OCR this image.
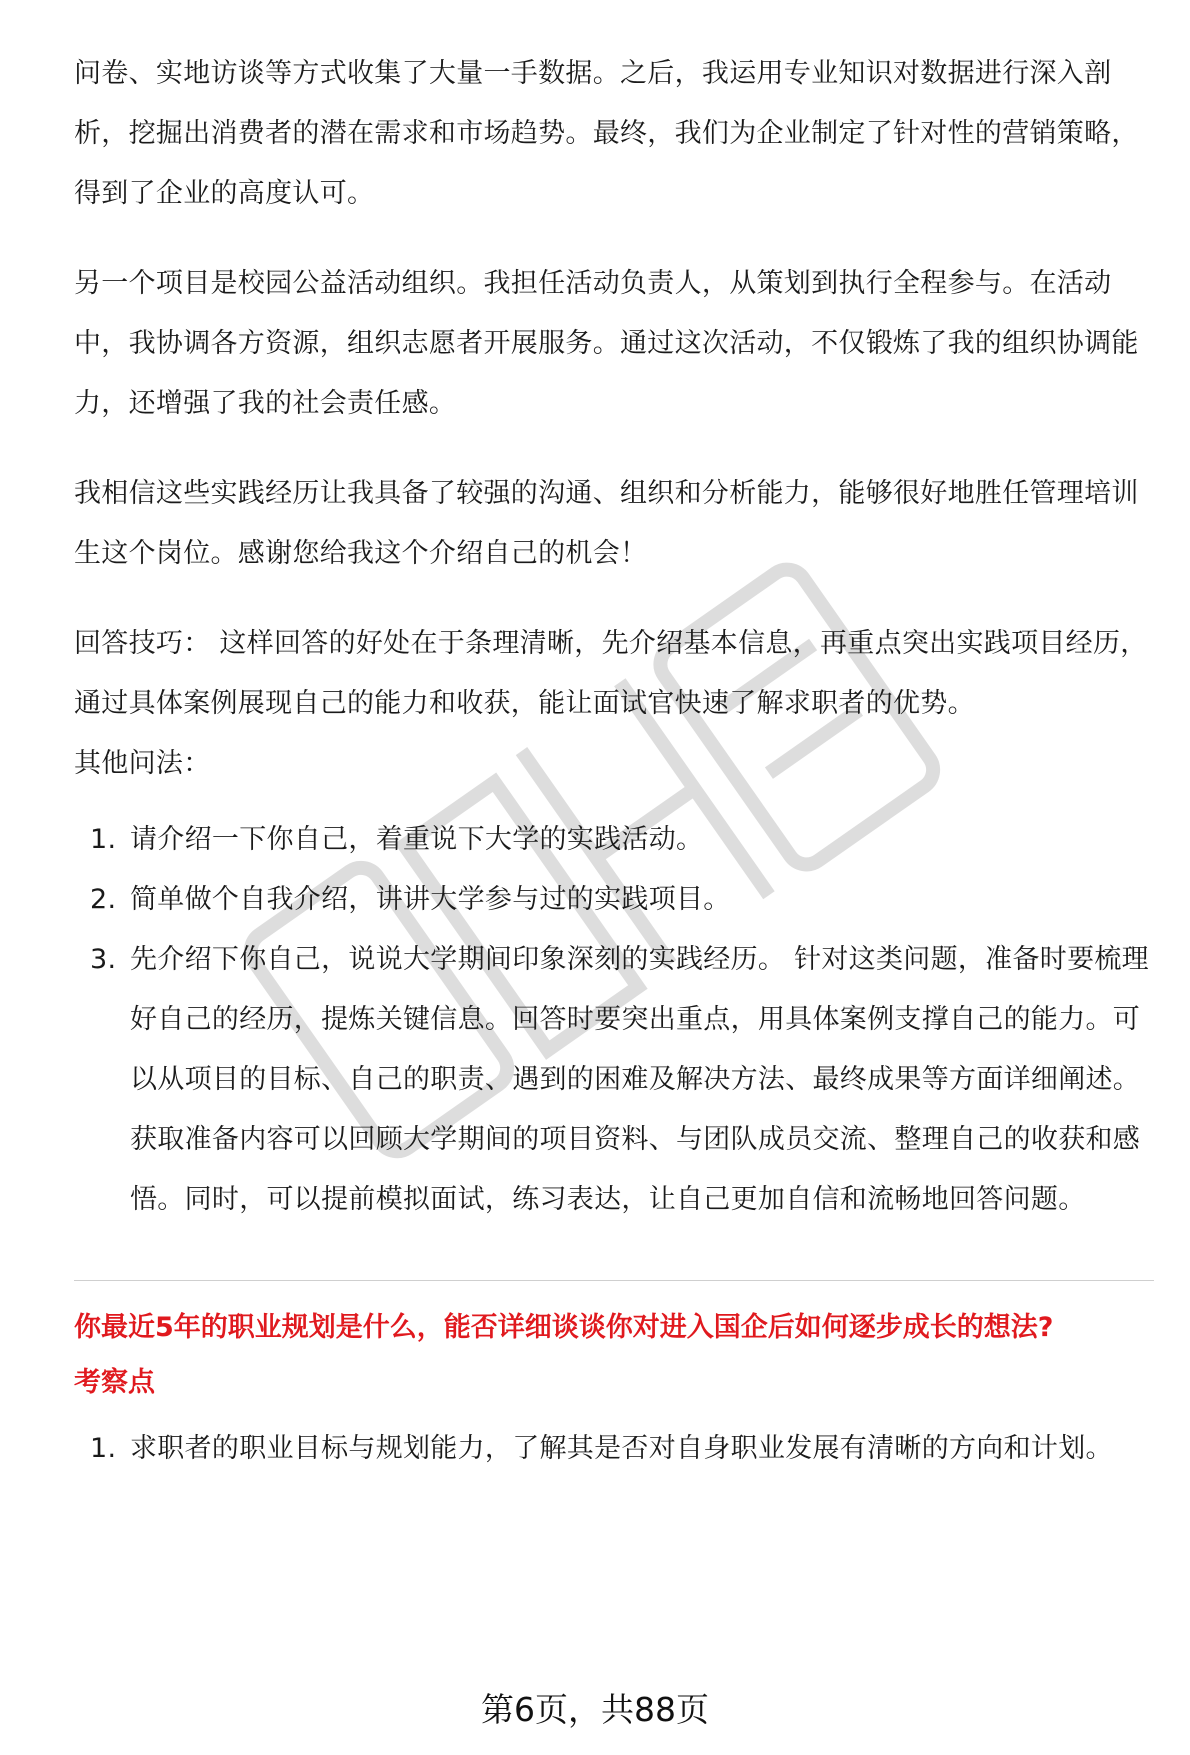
问卷、实地访谈等方式收集了大量一手数据。之后，我运用专业知识对数据进行深入剖析，挖掘出消费者的潜在需求和市场趋势。最终，我们为企业制定了针对性的营销策略，得到了企业的高度认可。

另一个项目是校园公益活动组织。我担任活动负责人，从策划到执行全程参与。在活动中，我协调各方资源，组织志愿者开展服务。通过这次活动，不仅锻炼了我的组织协调能力，还增强了我的社会责任感。

我相信这些实践经历让我具备了较强的沟通、组织和分析能力，能够很好地胜任管理培训生这个岗位。感谢您给我这个介绍自己的机会！

回答技巧： 这样回答的好处在于条理清晰，先介绍基本信息，再重点突出实践项目经历，通过具体案例展现自己的能力和收获，能让面试官快速了解求职者的优势。

其他问法：

1. 请介绍一下你自己，着重说下大学的实践活动。
2. 简单做个自我介绍，讲讲大学参与过的实践项目。
3. 先介绍下你自己，说说大学期间印象深刻的实践经历。 针对这类问题，准备时要梳理好自己的经历，提炼关键信息。回答时要突出重点，用具体案例支撑自己的能力。可以从项目的目标、自己的职责、遇到的困难及解决方法、最终成果等方面详细阐述。获取准备内容可以回顾大学期间的项目资料、与团队成员交流、整理自己的收获和感悟。同时，可以提前模拟面试，练习表达，让自己更加自信和流畅地回答问题。

你最近5年的职业规划是什么，能否详细谈谈你对进入国企后如何逐步成长的想法?

考察点

1. 求职者的职业目标与规划能力，了解其是否对自身职业发展有清晰的方向和计划。
第6页，共88页
